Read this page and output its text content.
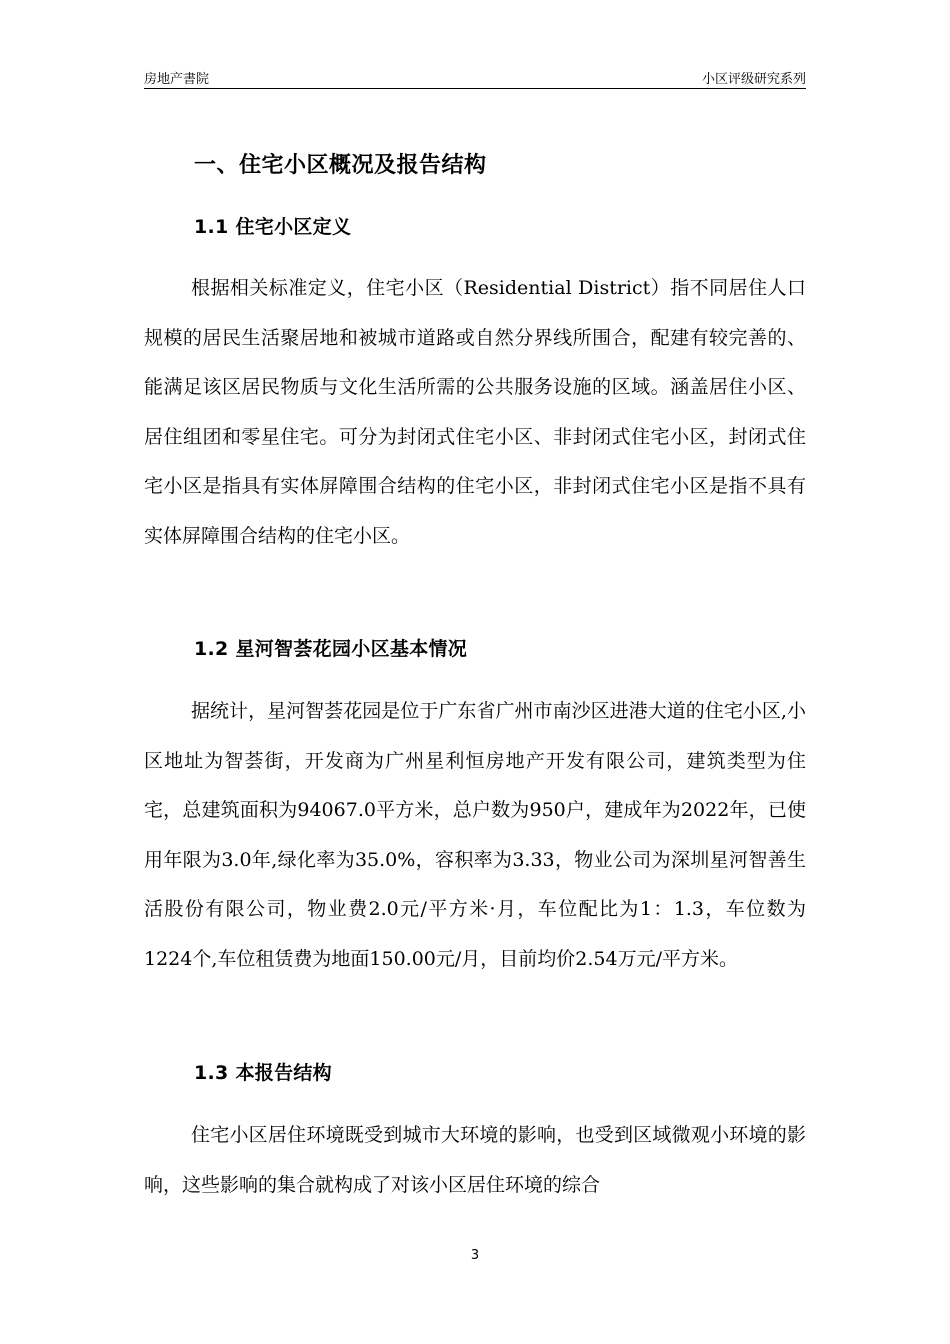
房地产書院	小区评级研究系列
一、住宅小区概况及报告结构
1.1 住宅小区定义

根据相关标准定义，住宅小区（Residential District）指不同居住人口规模的居民生活聚居地和被城市道路或自然分界线所围合，配建有较完善的、能满足该区居民物质与文化生活所需的公共服务设施的区域。涵盖居住小区、居住组团和零星住宅。可分为封闭式住宅小区、非封闭式住宅小区，封闭式住宅小区是指具有实体屏障围合结构的住宅小区，非封闭式住宅小区是指不具有实体屏障围合结构的住宅小区。

1.2 星河智荟花园小区基本情况

据统计，星河智荟花园是位于广东省广州市南沙区进港大道的住宅小区,小区地址为智荟街，开发商为广州星利恒房地产开发有限公司，建筑类型为住宅，总建筑面积为94067.0平方米，总户数为950户，建成年为2022年，已使用年限为3.0年,绿化率为35.0%，容积率为3.33，物业公司为深圳星河智善生活股份有限公司，物业费2.0元/平方米·月，车位配比为1：1.3，车位数为1224个,车位租赁费为地面150.00元/月，目前均价2.54万元/平方米。

1.3 本报告结构

住宅小区居住环境既受到城市大环境的影响，也受到区域微观小环境的影响，这些影响的集合就构成了对该小区居住环境的综合

3
